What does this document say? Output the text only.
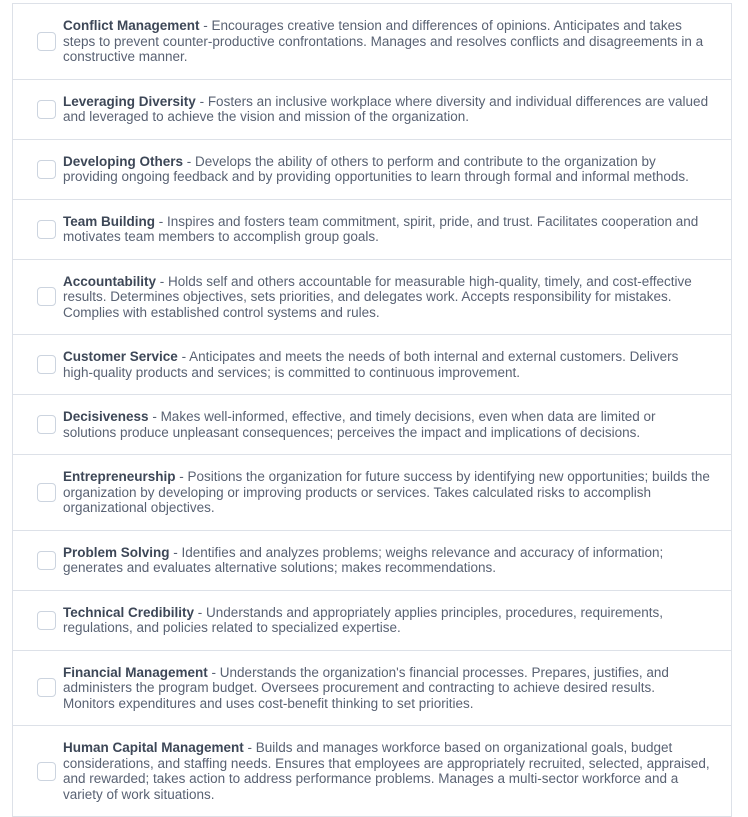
Conflict Management - Encourages creative tension and differences of opinions. Anticipates and takes steps to prevent counter-productive confrontations. Manages and resolves conflicts and disagreements in a constructive manner.
Leveraging Diversity - Fosters an inclusive workplace where diversity and individual differences are valued and leveraged to achieve the vision and mission of the organization.
Developing Others - Develops the ability of others to perform and contribute to the organization by providing ongoing feedback and by providing opportunities to learn through formal and informal methods.
Team Building - Inspires and fosters team commitment, spirit, pride, and trust. Facilitates cooperation and motivates team members to accomplish group goals.
Accountability - Holds self and others accountable for measurable high-quality, timely, and cost-effective results. Determines objectives, sets priorities, and delegates work. Accepts responsibility for mistakes. Complies with established control systems and rules.
Customer Service - Anticipates and meets the needs of both internal and external customers. Delivers high-quality products and services; is committed to continuous improvement.
Decisiveness - Makes well-informed, effective, and timely decisions, even when data are limited or solutions produce unpleasant consequences; perceives the impact and implications of decisions.
Entrepreneurship - Positions the organization for future success by identifying new opportunities; builds the organization by developing or improving products or services. Takes calculated risks to accomplish organizational objectives.
Problem Solving - Identifies and analyzes problems; weighs relevance and accuracy of information; generates and evaluates alternative solutions; makes recommendations.
Technical Credibility - Understands and appropriately applies principles, procedures, requirements, regulations, and policies related to specialized expertise.
Financial Management - Understands the organization's financial processes. Prepares, justifies, and administers the program budget. Oversees procurement and contracting to achieve desired results. Monitors expenditures and uses cost-benefit thinking to set priorities.
Human Capital Management - Builds and manages workforce based on organizational goals, budget considerations, and staffing needs. Ensures that employees are appropriately recruited, selected, appraised, and rewarded; takes action to address performance problems. Manages a multi-sector workforce and a variety of work situations.
